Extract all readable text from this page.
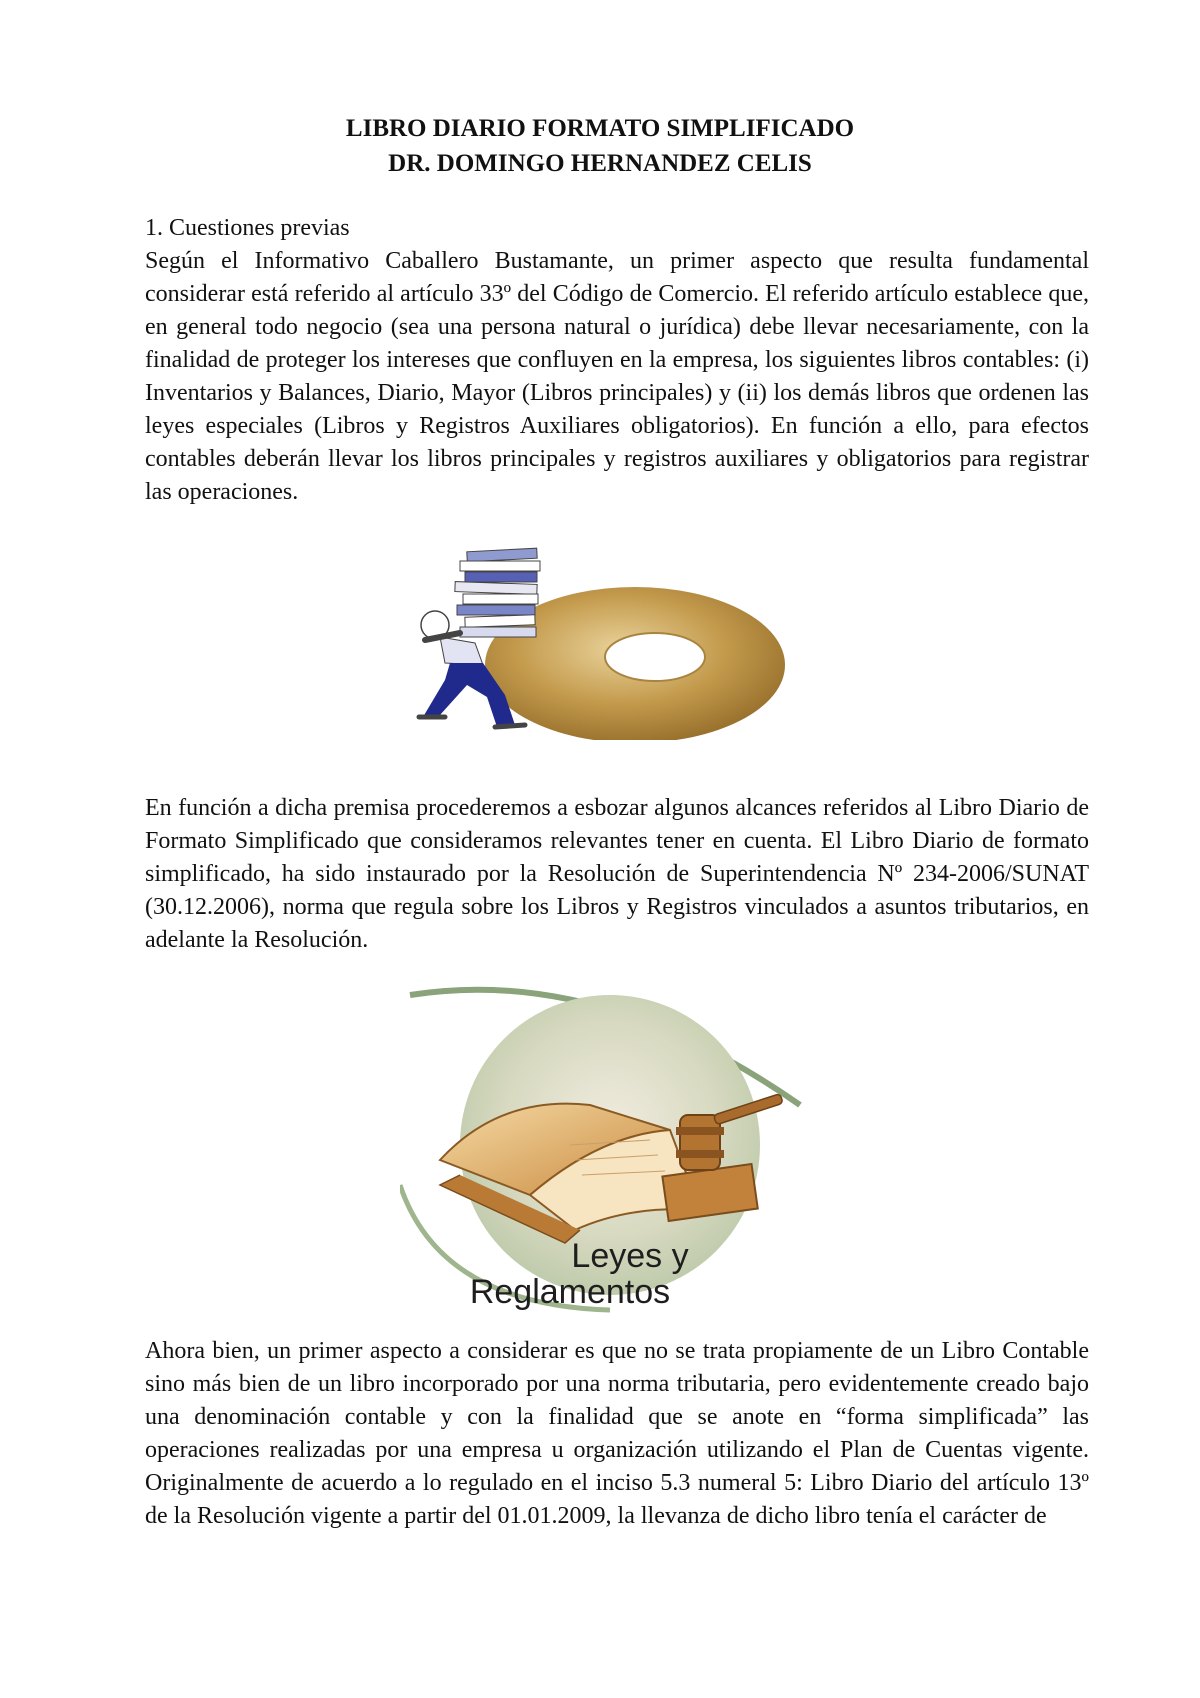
LIBRO DIARIO FORMATO SIMPLIFICADO

DR. DOMINGO HERNANDEZ CELIS

1. Cuestiones previas

Según el Informativo Caballero Bustamante, un primer aspecto que resulta fundamental considerar está referido al artículo 33º del Código de Comercio. El referido artículo establece que, en general todo negocio (sea una persona natural o jurídica) debe llevar necesariamente, con la finalidad de proteger los intereses que confluyen en la empresa, los siguientes libros contables: (i) Inventarios y Balances, Diario, Mayor (Libros principales) y (ii) los demás libros que ordenen las leyes especiales (Libros y Registros Auxiliares obligatorios). En función a ello, para efectos contables deberán llevar los libros principales y registros auxiliares y obligatorios para registrar las operaciones.

En función a dicha premisa procederemos a esbozar algunos alcances referidos al Libro Diario de Formato Simplificado que consideramos relevantes tener en cuenta. El Libro Diario de formato simplificado, ha sido instaurado por la Resolución de Superintendencia Nº 234-2006/SUNAT (30.12.2006), norma que regula sobre los Libros y Registros vinculados a asuntos tributarios, en adelante la Resolución.

Leyes y
Reglamentos

Ahora bien, un primer aspecto a considerar es que no se trata propiamente de un Libro Contable sino más bien de un libro incorporado por una norma tributaria, pero evidentemente creado bajo una denominación contable y con la finalidad que se anote en “forma simplificada” las operaciones realizadas por una empresa u organización utilizando el Plan de Cuentas vigente. Originalmente de acuerdo a lo regulado en el inciso 5.3 numeral 5: Libro Diario del artículo 13º de la Resolución vigente a partir del 01.01.2009, la llevanza de dicho libro tenía el carácter de
